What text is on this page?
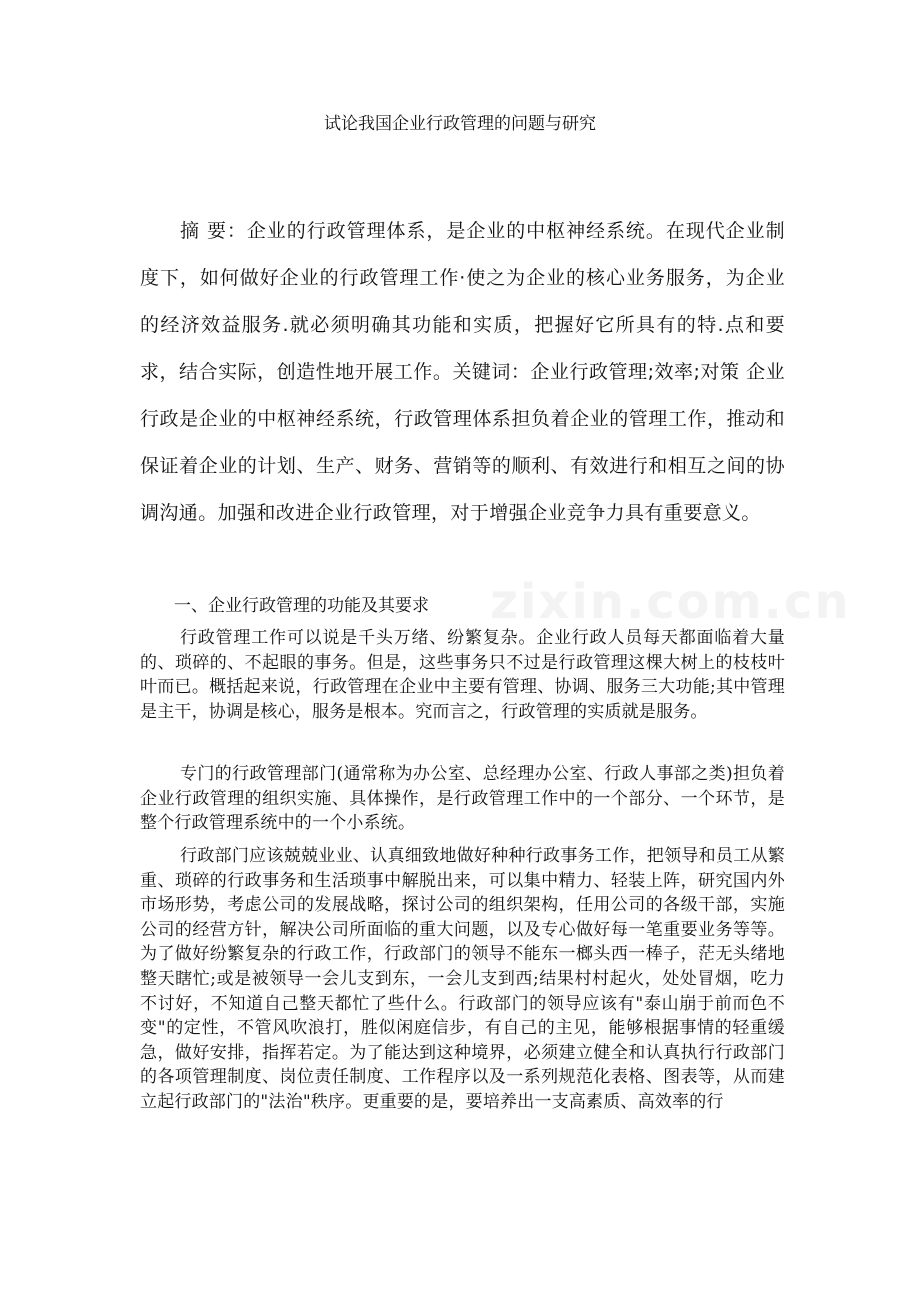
zixin.com.cn
试论我国企业行政管理的问题与研究
摘 要：企业的行政管理体系，是企业的中枢神经系统。在现代企业制度下，如何做好企业的行政管理工作·使之为企业的核心业务服务，为企业的经济效益服务.就必须明确其功能和实质，把握好它所具有的特.点和要求，结合实际，创造性地开展工作。关键词：企业行政管理;效率;对策 企业行政是企业的中枢神经系统，行政管理体系担负着企业的管理工作，推动和保证着企业的计划、生产、财务、营销等的顺利、有效进行和相互之间的协调沟通。加强和改进企业行政管理，对于增强企业竞争力具有重要意义。
一、企业行政管理的功能及其要求
行政管理工作可以说是千头万绪、纷繁复杂。企业行政人员每天都面临着大量的、琐碎的、不起眼的事务。但是，这些事务只不过是行政管理这棵大树上的枝枝叶叶而已。概括起来说，行政管理在企业中主要有管理、协调、服务三大功能;其中管理是主干，协调是核心，服务是根本。究而言之，行政管理的实质就是服务。
专门的行政管理部门(通常称为办公室、总经理办公室、行政人事部之类)担负着企业行政管理的组织实施、具体操作，是行政管理工作中的一个部分、一个环节，是整个行政管理系统中的一个小系统。
行政部门应该兢兢业业、认真细致地做好种种行政事务工作，把领导和员工从繁重、琐碎的行政事务和生活琐事中解脱出来，可以集中精力、轻装上阵，研究国内外市场形势，考虑公司的发展战略，探讨公司的组织架构，任用公司的各级干部，实施公司的经营方针，解决公司所面临的重大问题，以及专心做好每一笔重要业务等等。为了做好纷繁复杂的行政工作，行政部门的领导不能东一榔头西一棒子，茫无头绪地整天瞎忙;或是被领导一会儿支到东，一会儿支到西;结果村村起火，处处冒烟，吃力不讨好，不知道自己整天都忙了些什么。行政部门的领导应该有"泰山崩于前而色不变"的定性，不管风吹浪打，胜似闲庭信步，有自己的主见，能够根据事情的轻重缓急，做好安排，指挥若定。为了能达到这种境界，必须建立健全和认真执行行政部门的各项管理制度、岗位责任制度、工作程序以及一系列规范化表格、图表等，从而建立起行政部门的"法治"秩序。更重要的是，要培养出一支高素质、高效率的行
